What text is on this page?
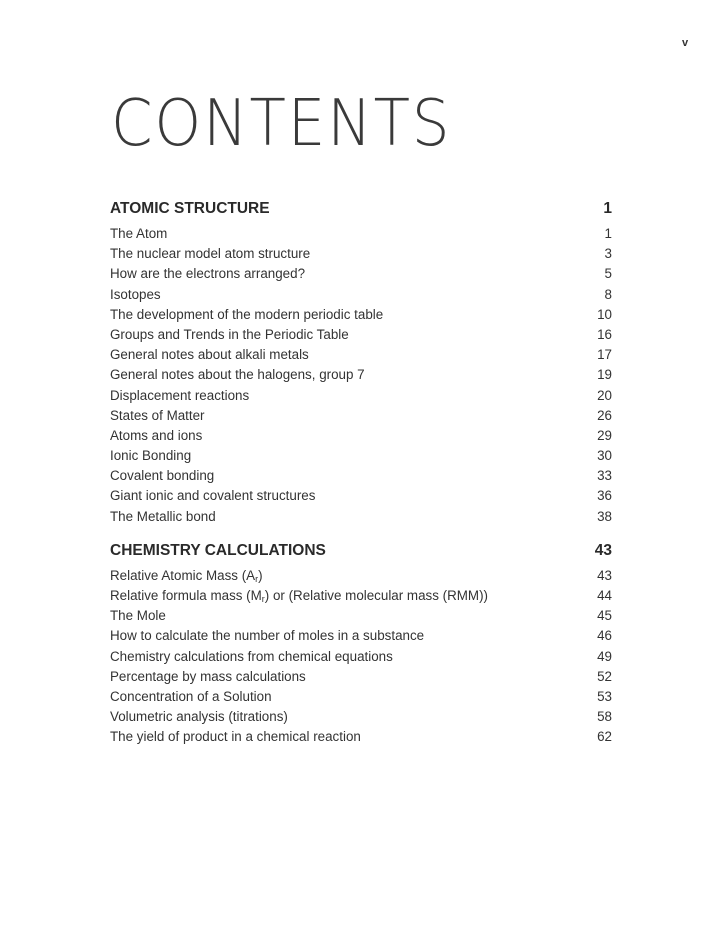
v
CONTENTS
ATOMIC STRUCTURE	1
The Atom	1
The nuclear model atom structure	3
How are the electrons arranged?	5
Isotopes	8
The development of the modern periodic table	10
Groups and Trends in the Periodic Table	16
General notes about alkali metals	17
General notes about the halogens, group 7	19
Displacement reactions	20
States of Matter	26
Atoms and ions	29
Ionic Bonding	30
Covalent bonding	33
Giant ionic and covalent structures	36
The Metallic bond	38
CHEMISTRY CALCULATIONS	43
Relative Atomic Mass $(A_r)$	43
Relative formula mass $(M_r)$ or (Relative molecular mass (RMM))	44
The Mole	45
How to calculate the number of moles in a substance	46
Chemistry calculations from chemical equations	49
Percentage by mass calculations	52
Concentration of a Solution	53
Volumetric analysis (titrations)	58
The yield of product in a chemical reaction	62
